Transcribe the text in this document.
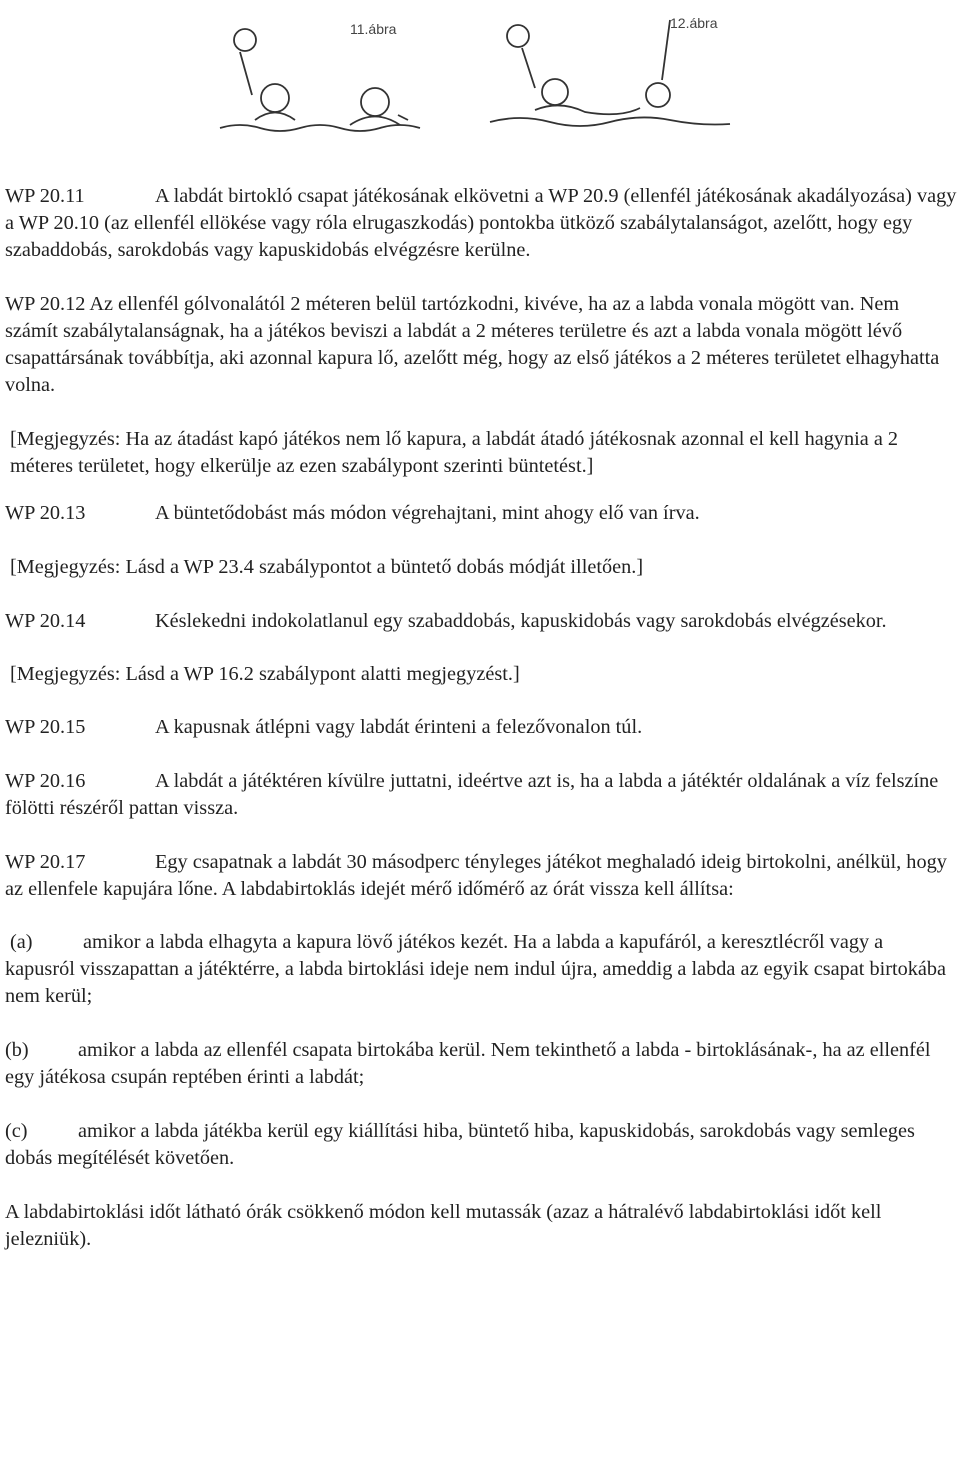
11.ábra	12.ábra

WP 20.11	A labdát birtokló csapat játékosának elkövetni a WP 20.9 (ellenfél játékosának akadályozása) vagy a WP 20.10 (az ellenfél ellökése vagy róla elrugaszkodás) pontokba ütköző szabálytalanságot, azelőtt, hogy egy szabaddobás, sarokdobás vagy kapuskidobás elvégzésre kerülne.

WP 20.12 Az ellenfél gólvonalától 2 méteren belül tartózkodni, kivéve, ha az a labda vonala mögött van. Nem számít szabálytalanságnak, ha a játékos beviszi a labdát a 2 méteres területre és azt a labda vonala mögött lévő csapattársának továbbítja, aki azonnal kapura lő, azelőtt még, hogy az első játékos a 2 méteres területet elhagyhatta volna.

[Megjegyzés: Ha az átadást kapó játékos nem lő kapura, a labdát átadó játékosnak azonnal el kell hagynia a 2 méteres területet, hogy elkerülje az ezen szabálypont szerinti büntetést.]

WP 20.13	A büntetődobást más módon végrehajtani, mint ahogy elő van írva.

[Megjegyzés: Lásd a WP 23.4 szabálypontot a büntető dobás módját illetően.]

WP 20.14	Késlekedni indokolatlanul egy szabaddobás, kapuskidobás vagy sarokdobás elvégzésekor.

[Megjegyzés: Lásd a WP 16.2 szabálypont alatti megjegyzést.]

WP 20.15	A kapusnak átlépni vagy labdát érinteni a felezővonalon túl.

WP 20.16	A labdát a játéktéren kívülre juttatni, ideértve azt is, ha a labda a játéktér oldalának a víz felszíne fölötti részéről pattan vissza.

WP 20.17	Egy csapatnak a labdát 30 másodperc tényleges játékot meghaladó ideig birtokolni, anélkül, hogy az ellenfele kapujára lőne. A labdabirtoklás idejét mérő időmérő az órát vissza kell állítsa:

(a) amikor a labda elhagyta a kapura lövő játékos kezét. Ha a labda a kapufáról, a keresztlécről vagy a kapusról visszapattan a játéktérre, a labda birtoklási ideje nem indul újra, ameddig a labda az egyik csapat birtokába nem kerül;

(b) amikor a labda az ellenfél csapata birtokába kerül. Nem tekinthető a labda - birtoklásának-, ha az ellenfél egy játékosa csupán reptében érinti a labdát;

(c) amikor a labda játékba kerül egy kiállítási hiba, büntető hiba, kapuskidobás, sarokdobás vagy semleges dobás megítélését követően.

A labdabirtoklási időt látható órák csökkenő módon kell mutassák (azaz a hátralévő labdabirtoklási időt kell jelezniük).
